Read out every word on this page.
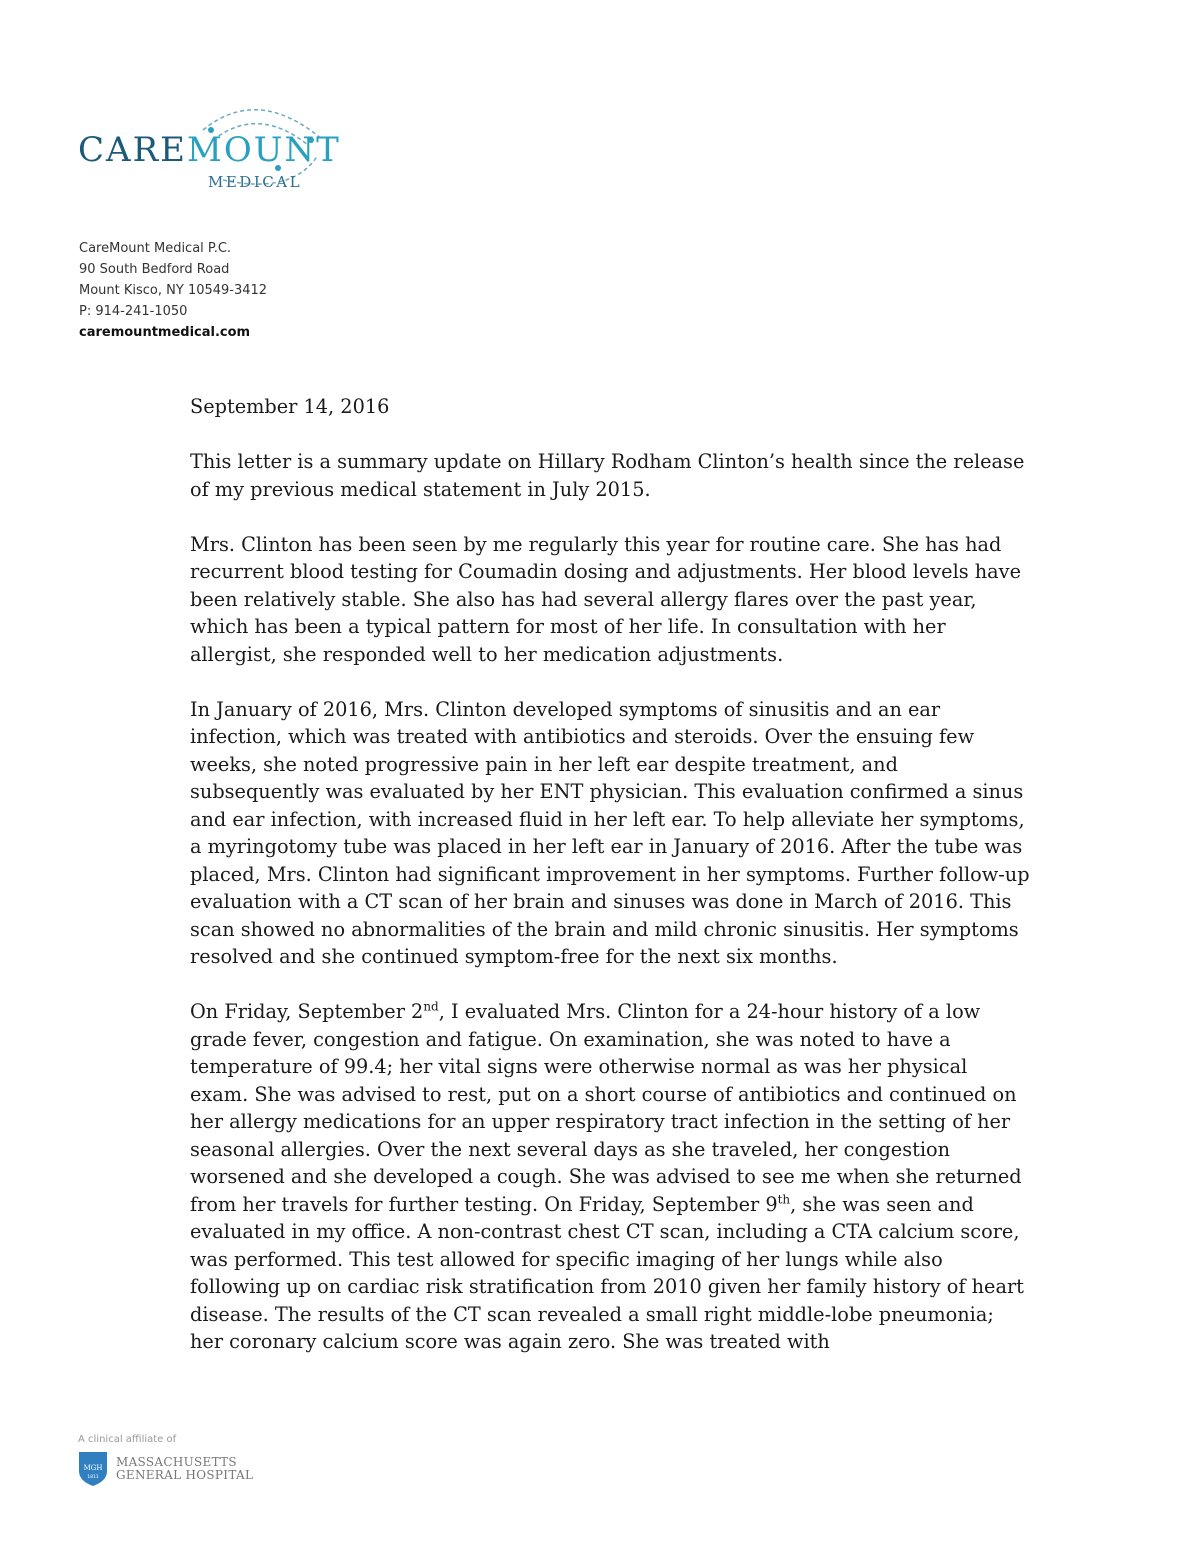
CAREMOUNT
MEDICAL
CareMount Medical P.C.
90 South Bedford Road
Mount Kisco, NY 10549-3412
P: 914-241-1050
caremountmedical.com

September 14, 2016

This letter is a summary update on Hillary Rodham Clinton’s health since the release of my previous medical statement in July 2015.

Mrs. Clinton has been seen by me regularly this year for routine care. She has had recurrent blood testing for Coumadin dosing and adjustments. Her blood levels have been relatively stable. She also has had several allergy flares over the past year, which has been a typical pattern for most of her life. In consultation with her allergist, she responded well to her medication adjustments.

In January of 2016, Mrs. Clinton developed symptoms of sinusitis and an ear infection, which was treated with antibiotics and steroids. Over the ensuing few weeks, she noted progressive pain in her left ear despite treatment, and subsequently was evaluated by her ENT physician. This evaluation confirmed a sinus and ear infection, with increased fluid in her left ear. To help alleviate her symptoms, a myringotomy tube was placed in her left ear in January of 2016. After the tube was placed, Mrs. Clinton had significant improvement in her symptoms. Further follow-up evaluation with a CT scan of her brain and sinuses was done in March of 2016. This scan showed no abnormalities of the brain and mild chronic sinusitis. Her symptoms resolved and she continued symptom-free for the next six months.

On Friday, September 2nd, I evaluated Mrs. Clinton for a 24-hour history of a low grade fever, congestion and fatigue. On examination, she was noted to have a temperature of 99.4; her vital signs were otherwise normal as was her physical exam. She was advised to rest, put on a short course of antibiotics and continued on her allergy medications for an upper respiratory tract infection in the setting of her seasonal allergies. Over the next several days as she traveled, her congestion worsened and she developed a cough. She was advised to see me when she returned from her travels for further testing. On Friday, September 9th, she was seen and evaluated in my office. A non-contrast chest CT scan, including a CTA calcium score, was performed. This test allowed for specific imaging of her lungs while also following up on cardiac risk stratification from 2010 given her family history of heart disease. The results of the CT scan revealed a small right middle-lobe pneumonia; her coronary calcium score was again zero. She was treated with

A clinical affiliate of
MGH
1811
MASSACHUSETTS
GENERAL HOSPITAL
